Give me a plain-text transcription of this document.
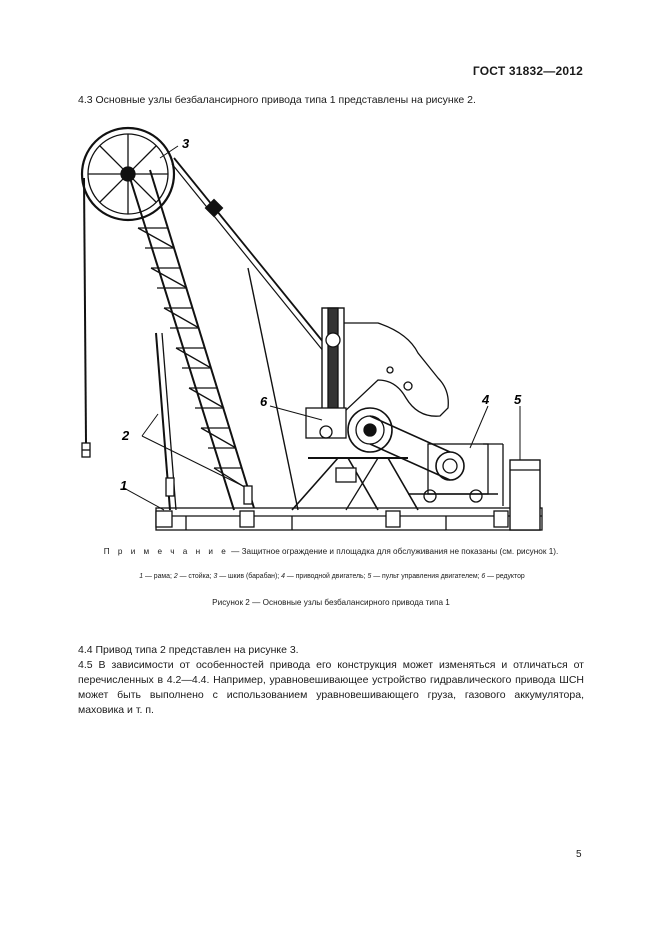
ГОСТ 31832—2012
4.3 Основные узлы безбалансирного привода типа 1 представлены на рисунке 2.
3
2
1
6	4 5
П р и м е ч а н и е — Защитное ограждение и площадка для обслуживания не показаны (см. рисунок 1).
1 — рама; 2 — стойка; 3 — шкив (барабан); 4 — приводной двигатель; 5 — пульт управления двигателем; 6 — редуктор
Рисунок 2 — Основные узлы безбалансирного привода типа 1
4.4 Привод типа 2 представлен на рисунке 3.
4.5 В зависимости от особенностей привода его конструкция может изменяться и отличаться от перечисленных в 4.2—4.4. Например, уравновешивающее устройство гидравлического привода ШСН может быть выполнено с использованием уравновешивающего груза, газового аккумулятора, маховика и т. п.
5
